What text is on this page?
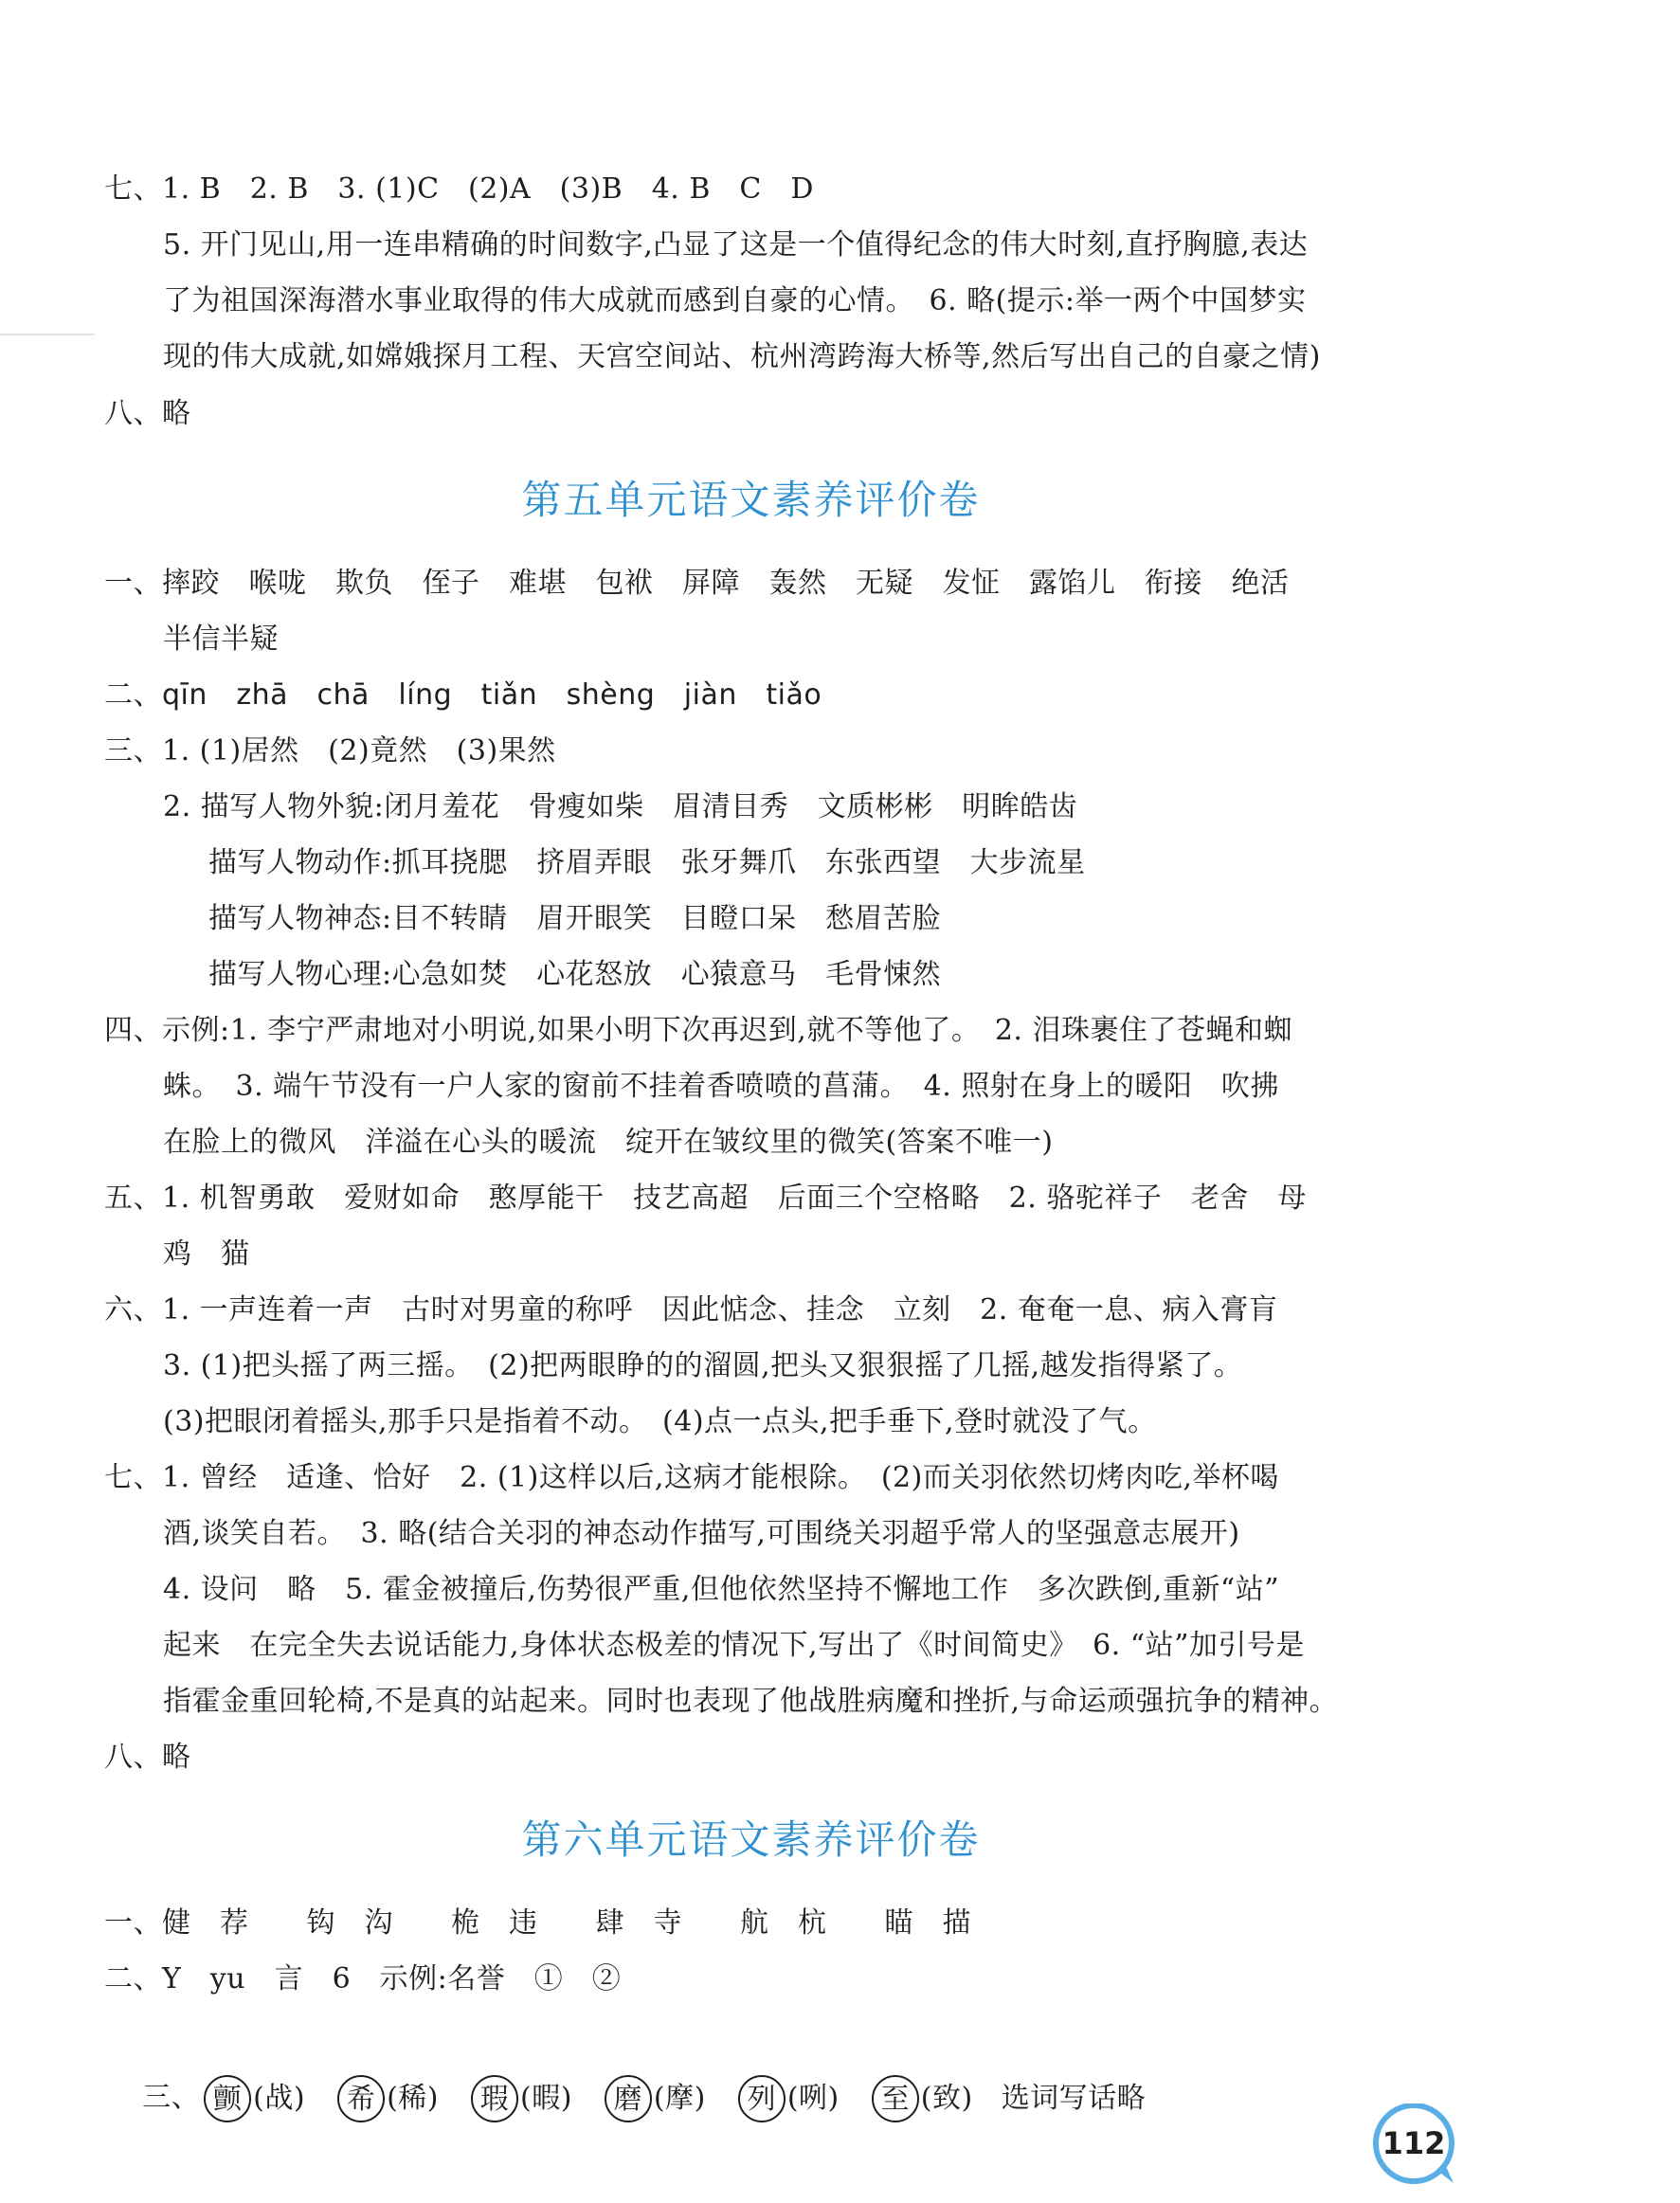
七、1. B　2. B　3. (1)C　(2)A　(3)B　4. B　C　D
5. 开门见山,用一连串精确的时间数字,凸显了这是一个值得纪念的伟大时刻,直抒胸臆,表达
了为祖国深海潜水事业取得的伟大成就而感到自豪的心情。　6. 略(提示:举一两个中国梦实
现的伟大成就,如嫦娥探月工程、天宫空间站、杭州湾跨海大桥等,然后写出自己的自豪之情)
八、略
第五单元语文素养评价卷
一、摔跤　喉咙　欺负　侄子　难堪　包袱　屏障　轰然　无疑　发怔　露馅儿　衔接　绝活
半信半疑
二、qīn　zhā　chā　líng　tiǎn　shèng　jiàn　tiǎo
三、1. (1)居然　(2)竟然　(3)果然
2. 描写人物外貌:闭月羞花　骨瘦如柴　眉清目秀　文质彬彬　明眸皓齿
描写人物动作:抓耳挠腮　挤眉弄眼　张牙舞爪　东张西望　大步流星
描写人物神态:目不转睛　眉开眼笑　目瞪口呆　愁眉苦脸
描写人物心理:心急如焚　心花怒放　心猿意马　毛骨悚然
四、示例:1. 李宁严肃地对小明说,如果小明下次再迟到,就不等他了。　2. 泪珠裹住了苍蝇和蜘
蛛。　3. 端午节没有一户人家的窗前不挂着香喷喷的菖蒲。　4. 照射在身上的暖阳　吹拂
在脸上的微风　洋溢在心头的暖流　绽开在皱纹里的微笑(答案不唯一)
五、1. 机智勇敢　爱财如命　憨厚能干　技艺高超　后面三个空格略　2. 骆驼祥子　老舍　母
鸡　猫
六、1. 一声连着一声　古时对男童的称呼　因此惦念、挂念　立刻　2. 奄奄一息、病入膏肓
3. (1)把头摇了两三摇。　(2)把两眼睁的的溜圆,把头又狠狠摇了几摇,越发指得紧了。
(3)把眼闭着摇头,那手只是指着不动。　(4)点一点头,把手垂下,登时就没了气。
七、1. 曾经　适逢、恰好　2. (1)这样以后,这病才能根除。　(2)而关羽依然切烤肉吃,举杯喝
酒,谈笑自若。　3. 略(结合关羽的神态动作描写,可围绕关羽超乎常人的坚强意志展开)
4. 设问　略　5. 霍金被撞后,伤势很严重,但他依然坚持不懈地工作　多次跌倒,重新“站”
起来　在完全失去说话能力,身体状态极差的情况下,写出了《时间简史》　6. “站”加引号是
指霍金重回轮椅,不是真的站起来。同时也表现了他战胜病魔和挫折,与命运顽强抗争的精神。
八、略
第六单元语文素养评价卷
一、健　荐　　钩　沟　　桅　违　　肆　寺　　航　杭　　瞄　描
二、Y　yu　言　6　示例:名誉　①　②

三、 颤 (战) 希 (稀) 瑕 (暇) 磨 (摩) 列 (咧) 至 (致) 选词写话略

112
